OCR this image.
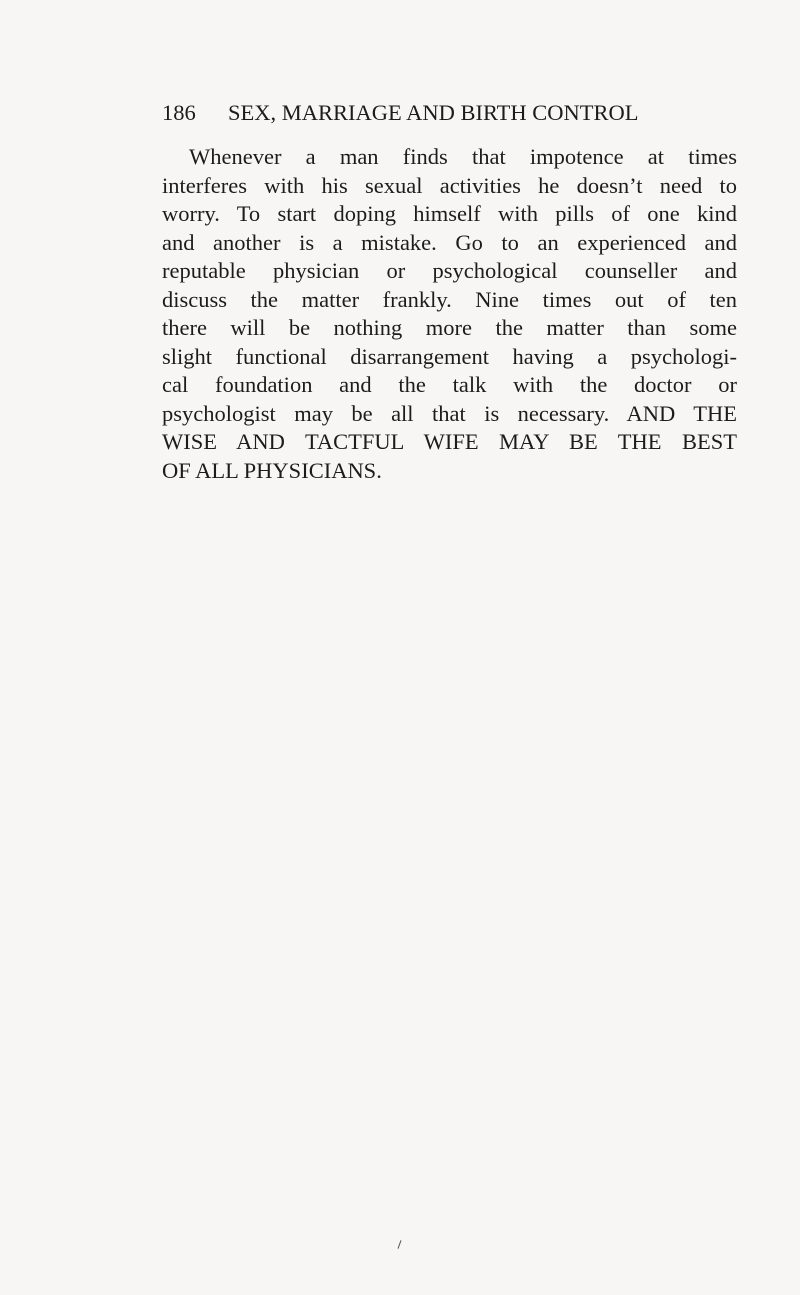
186 SEX, MARRIAGE AND BIRTH CONTROL
Whenever a man finds that impotence at times
interferes with his sexual activities he doesn’t need to
worry. To start doping himself with pills of one kind
and another is a mistake. Go to an experienced and
reputable physician or psychological counseller and
discuss the matter frankly. Nine times out of ten
there will be nothing more the matter than some
slight functional disarrangement having a psychologi-
cal foundation and the talk with the doctor or
psychologist may be all that is necessary. AND THE
WISE AND TACTFUL WIFE MAY BE THE BEST
OF ALL PHYSICIANS.
